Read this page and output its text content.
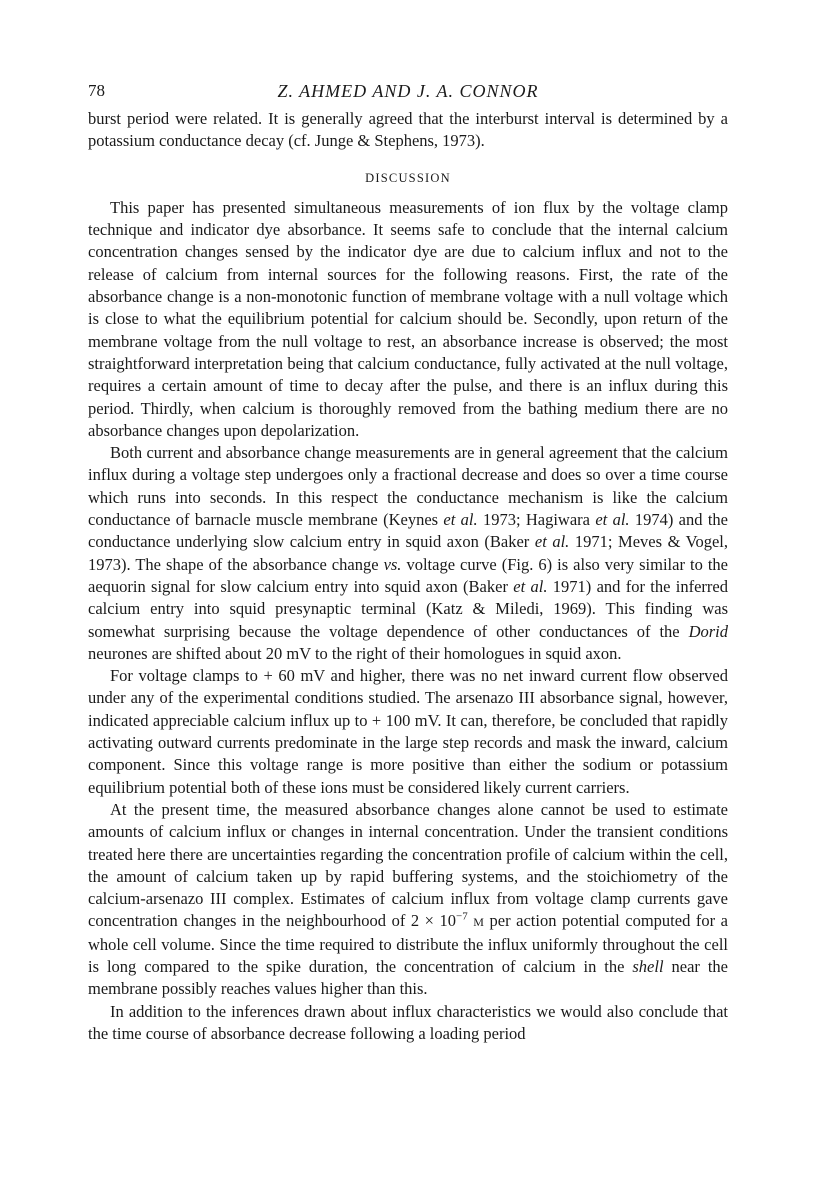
78	Z. AHMED AND J. A. CONNOR

burst period were related. It is generally agreed that the interburst interval is determined by a potassium conductance decay (cf. Junge & Stephens, 1973).

DISCUSSION

This paper has presented simultaneous measurements of ion flux by the voltage clamp technique and indicator dye absorbance. It seems safe to conclude that the internal calcium concentration changes sensed by the indicator dye are due to calcium influx and not to the release of calcium from internal sources for the following reasons. First, the rate of the absorbance change is a non-monotonic function of membrane voltage with a null voltage which is close to what the equilibrium potential for calcium should be. Secondly, upon return of the membrane voltage from the null voltage to rest, an absorbance increase is observed; the most straightforward interpretation being that calcium conductance, fully activated at the null voltage, requires a certain amount of time to decay after the pulse, and there is an influx during this period. Thirdly, when calcium is thoroughly removed from the bathing medium there are no absorbance changes upon depolarization.

Both current and absorbance change measurements are in general agreement that the calcium influx during a voltage step undergoes only a fractional decrease and does so over a time course which runs into seconds. In this respect the conductance mechanism is like the calcium conductance of barnacle muscle membrane (Keynes et al. 1973; Hagiwara et al. 1974) and the conductance underlying slow calcium entry in squid axon (Baker et al. 1971; Meves & Vogel, 1973). The shape of the absorbance change vs. voltage curve (Fig. 6) is also very similar to the aequorin signal for slow calcium entry into squid axon (Baker et al. 1971) and for the inferred calcium entry into squid presynaptic terminal (Katz & Miledi, 1969). This finding was somewhat surprising because the voltage dependence of other conductances of the Dorid neurones are shifted about 20 mV to the right of their homologues in squid axon.

For voltage clamps to + 60 mV and higher, there was no net inward current flow observed under any of the experimental conditions studied. The arsenazo III absorbance signal, however, indicated appreciable calcium influx up to + 100 mV. It can, therefore, be concluded that rapidly activating outward currents predominate in the large step records and mask the inward, calcium component. Since this voltage range is more positive than either the sodium or potassium equilibrium potential both of these ions must be considered likely current carriers.

At the present time, the measured absorbance changes alone cannot be used to estimate amounts of calcium influx or changes in internal concentration. Under the transient conditions treated here there are uncertainties regarding the concentration profile of calcium within the cell, the amount of calcium taken up by rapid buffering systems, and the stoichiometry of the calcium-arsenazo III complex. Estimates of calcium influx from voltage clamp currents gave concentration changes in the neighbourhood of $2 \times 10^{-7}$ M per action potential computed for a whole cell volume. Since the time required to distribute the influx uniformly throughout the cell is long compared to the spike duration, the concentration of calcium in the shell near the membrane possibly reaches values higher than this.

In addition to the inferences drawn about influx characteristics we would also conclude that the time course of absorbance decrease following a loading period
